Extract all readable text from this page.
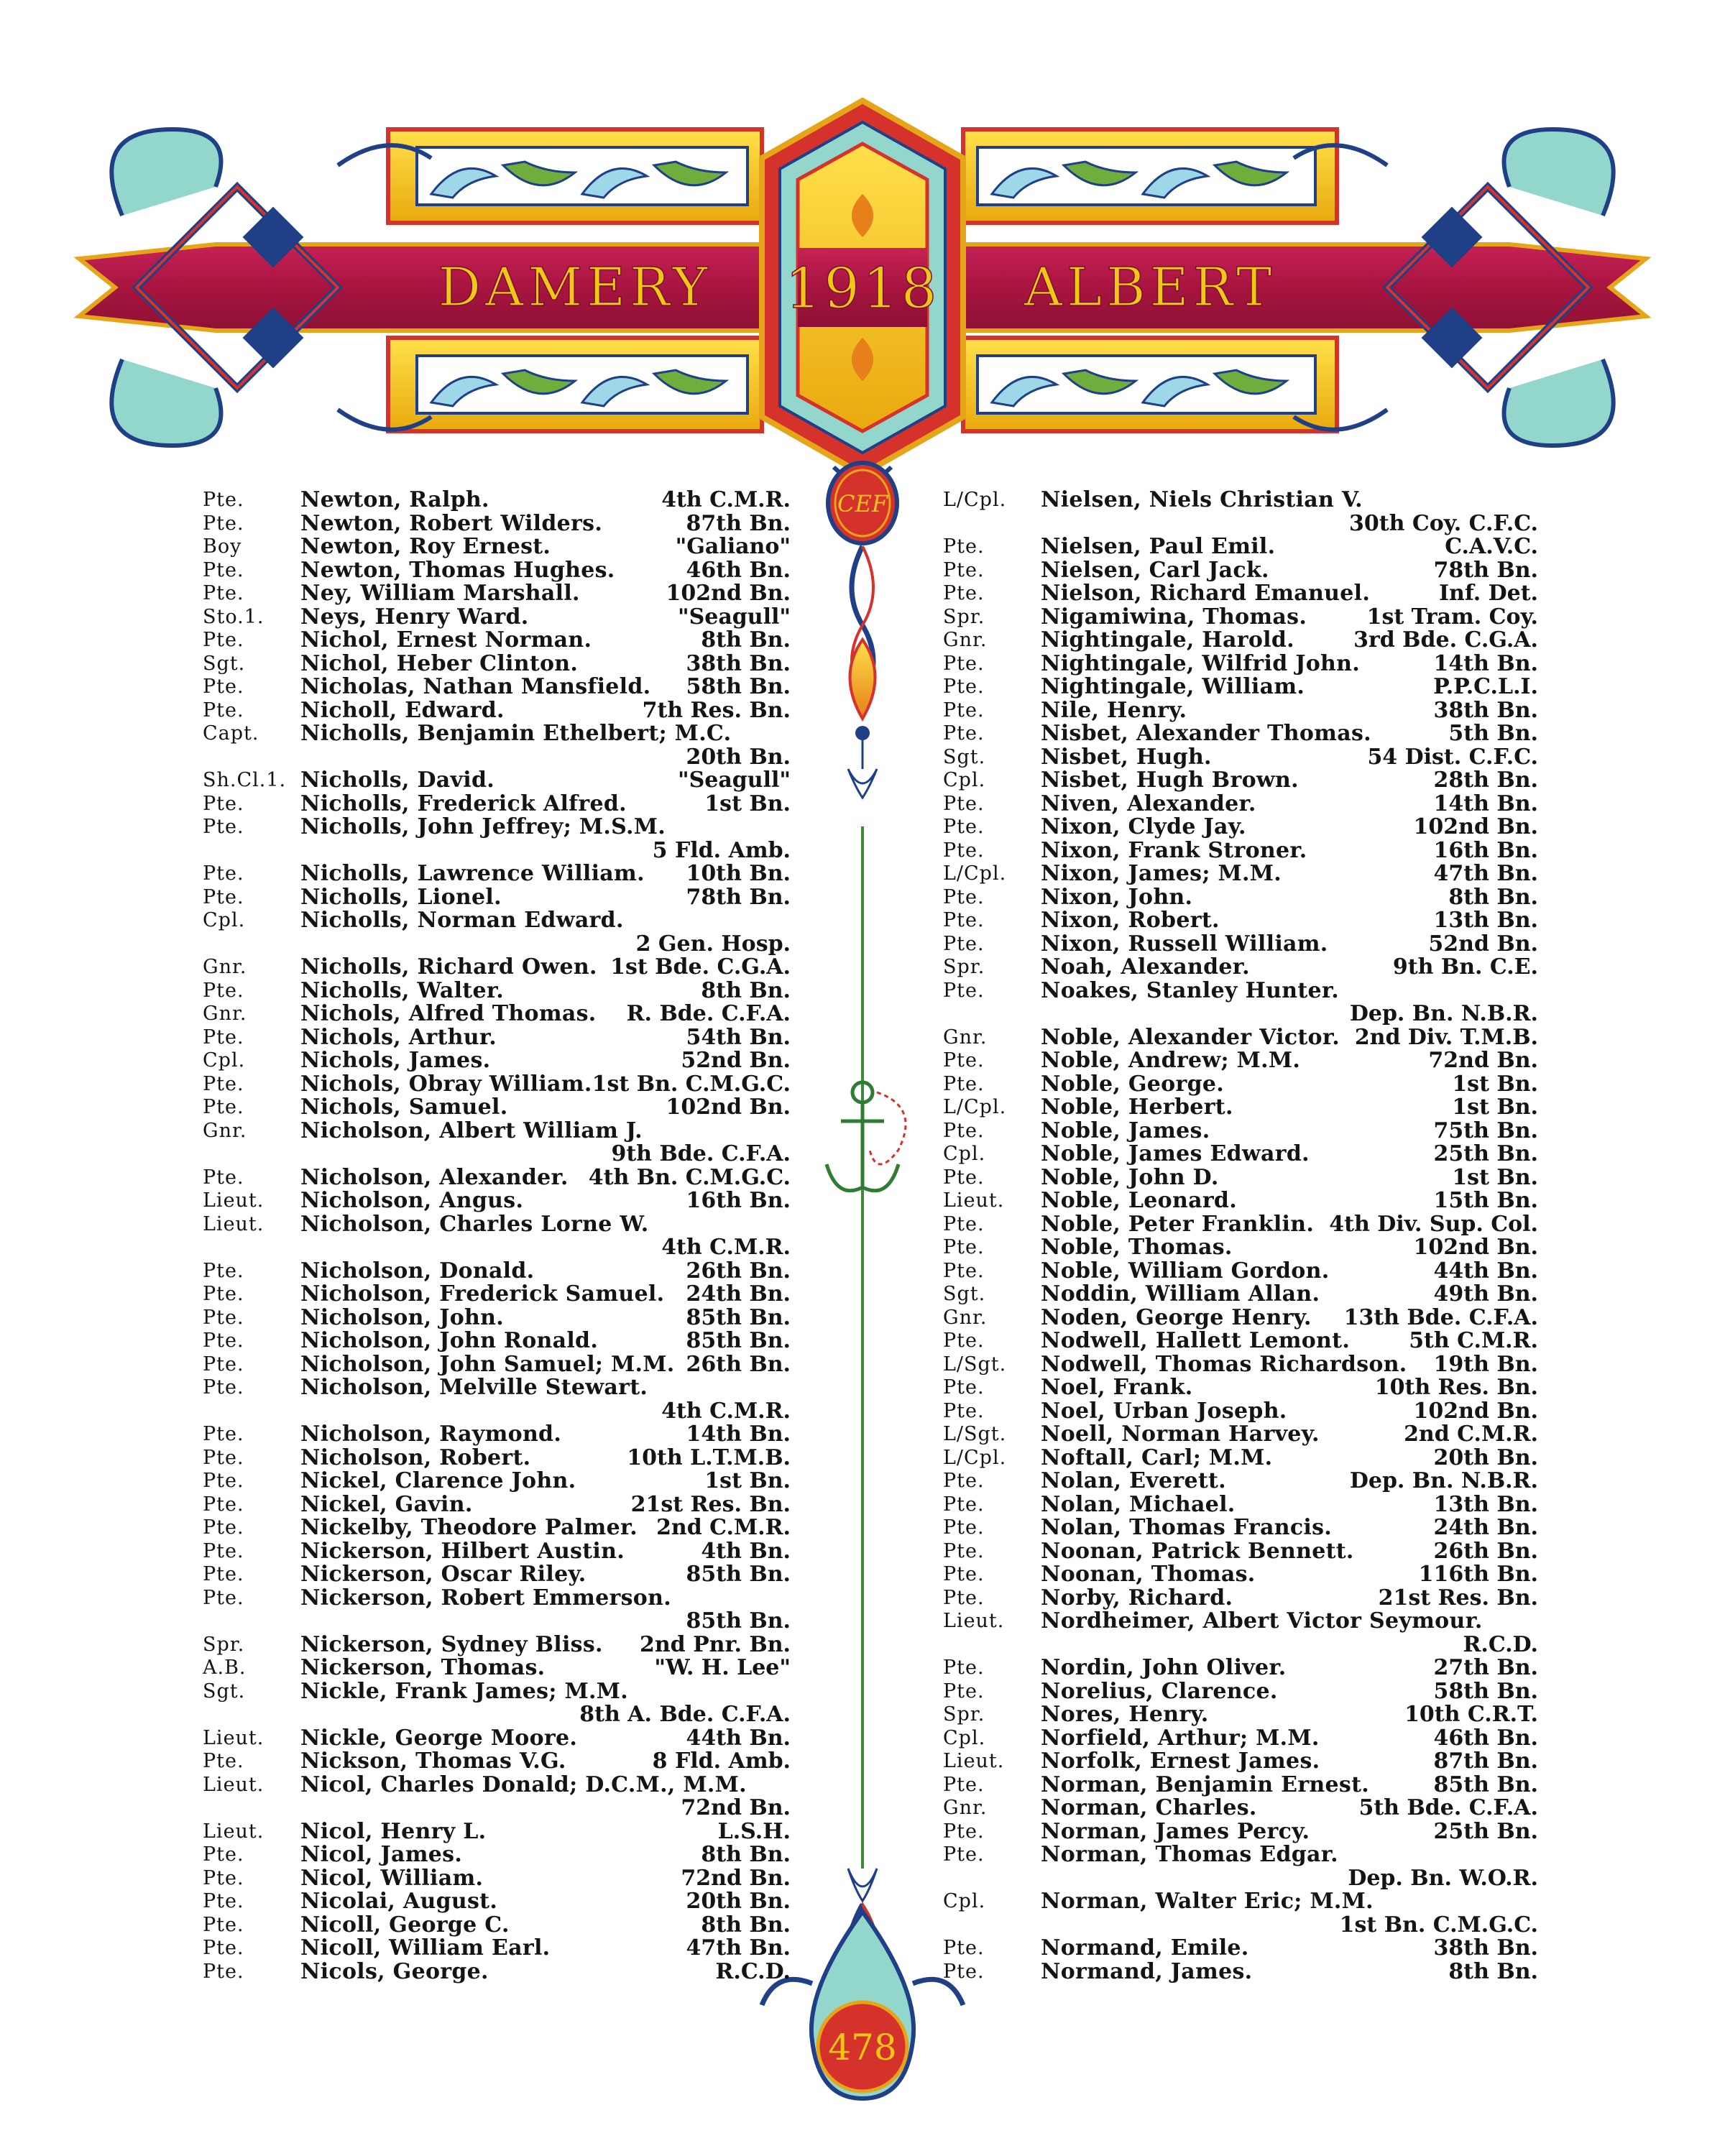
DAMERY 1918 ALBERT
CEF
478
Pte.	Newton, Ralph.	4th C.M.R.
Pte.	Newton, Robert Wilders.	87th Bn.
Boy	Newton, Roy Ernest.	"Galiano"
Pte.	Newton, Thomas Hughes.	46th Bn.
Pte.	Ney, William Marshall.	102nd Bn.
Sto.1. Neys, Henry Ward.	"Seagull"
Pte.	Nichol, Ernest Norman.	8th Bn.
Sgt.	Nichol, Heber Clinton.	38th Bn.
Pte.	Nicholas, Nathan Mansfield. 58th Bn.
Pte.	Nicholl, Edward.	7th Res. Bn.
Capt. Nicholls, Benjamin Ethelbert; M.C.
20th Bn.
Sh.Cl.1. Nicholls, David.	"Seagull"
Pte.	Nicholls, Frederick Alfred.	1st Bn.
Pte.	Nicholls, John Jeffrey; M.S.M.
5 Fld. Amb.
Pte.	Nicholls, Lawrence William. 10th Bn.
Pte.	Nicholls, Lionel.	78th Bn.
Cpl.	Nicholls, Norman Edward.
2 Gen. Hosp.
Gnr. Nicholls, Richard Owen. 1st Bde. C.G.A.
Pte.	Nicholls, Walter.	8th Bn.
Gnr. Nichols, Alfred Thomas. R. Bde. C.F.A.
Pte.	Nichols, Arthur.	54th Bn.
Cpl.	Nichols, James.	52nd Bn.
Pte.	Nichols, Obray William. 1st Bn. C.M.G.C.
Pte.	Nichols, Samuel.	102nd Bn.
Gnr. Nicholson, Albert William J.
9th Bde. C.F.A.
Pte.	Nicholson, Alexander. 4th Bn. C.M.G.C.
Lieut. Nicholson, Angus.	16th Bn.
Lieut. Nicholson, Charles Lorne W.
4th C.M.R.
Pte.	Nicholson, Donald.	26th Bn.
Pte.	Nicholson, Frederick Samuel. 24th Bn.
Pte.	Nicholson, John.	85th Bn.
Pte.	Nicholson, John Ronald.	85th Bn.
Pte.	Nicholson, John Samuel; M.M. 26th Bn.
Pte.	Nicholson, Melville Stewart.
4th C.M.R.
Pte.	Nicholson, Raymond.	14th Bn.
Pte.	Nicholson, Robert.	10th L.T.M.B.
Pte.	Nickel, Clarence John.	1st Bn.
Pte.	Nickel, Gavin.	21st Res. Bn.
Pte.	Nickelby, Theodore Palmer. 2nd C.M.R.
Pte.	Nickerson, Hilbert Austin.	4th Bn.
Pte.	Nickerson, Oscar Riley.	85th Bn.
Pte.	Nickerson, Robert Emmerson.
85th Bn.
Spr.	Nickerson, Sydney Bliss. 2nd Pnr. Bn.
A.B.	Nickerson, Thomas.	"W. H. Lee"
Sgt.	Nickle, Frank James; M.M.
8th A. Bde. C.F.A.
Lieut. Nickle, George Moore.	44th Bn.
Pte.	Nickson, Thomas V.G.	8 Fld. Amb.
Lieut. Nicol, Charles Donald; D.C.M., M.M.
72nd Bn.
Lieut. Nicol, Henry L.	L.S.H.
Pte.	Nicol, James.	8th Bn.
Pte.	Nicol, William.	72nd Bn.
Pte.	Nicolai, August.	20th Bn.
Pte.	Nicoll, George C.	8th Bn.
Pte.	Nicoll, William Earl.	47th Bn.
Pte.	Nicols, George.	R.C.D.
L/Cpl. Nielsen, Niels Christian V.
30th Coy. C.F.C.
Pte.	Nielsen, Paul Emil.	C.A.V.C.
Pte.	Nielsen, Carl Jack.	78th Bn.
Pte.	Nielson, Richard Emanuel.	Inf. Det.
Spr.	Nigamiwina, Thomas.	1st Tram. Coy.
Gnr. Nightingale, Harold.	3rd Bde. C.G.A.
Pte.	Nightingale, Wilfrid John.	14th Bn.
Pte.	Nightingale, William.	P.P.C.L.I.
Pte.	Nile, Henry.	38th Bn.
Pte.	Nisbet, Alexander Thomas.	5th Bn.
Sgt.	Nisbet, Hugh.	54 Dist. C.F.C.
Cpl.	Nisbet, Hugh Brown.	28th Bn.
Pte.	Niven, Alexander.	14th Bn.
Pte.	Nixon, Clyde Jay.	102nd Bn.
Pte.	Nixon, Frank Stroner.	16th Bn.
L/Cpl. Nixon, James; M.M.	47th Bn.
Pte.	Nixon, John.	8th Bn.
Pte.	Nixon, Robert.	13th Bn.
Pte.	Nixon, Russell William.	52nd Bn.
Spr.	Noah, Alexander.	9th Bn. C.E.
Pte.	Noakes, Stanley Hunter.
Dep. Bn. N.B.R.
Gnr. Noble, Alexander Victor. 2nd Div. T.M.B.
Pte.	Noble, Andrew; M.M.	72nd Bn.
Pte.	Noble, George.	1st Bn.
L/Cpl. Noble, Herbert.	1st Bn.
Pte.	Noble, James.	75th Bn.
Cpl.	Noble, James Edward.	25th Bn.
Pte.	Noble, John D.	1st Bn.
Lieut. Noble, Leonard.	15th Bn.
Pte.	Noble, Peter Franklin. 4th Div. Sup. Col.
Pte.	Noble, Thomas.	102nd Bn.
Pte.	Noble, William Gordon.	44th Bn.
Sgt.	Noddin, William Allan.	49th Bn.
Gnr. Noden, George Henry. 13th Bde. C.F.A.
Pte.	Nodwell, Hallett Lemont.	5th C.M.R.
L/Sgt. Nodwell, Thomas Richardson. 19th Bn.
Pte.	Noel, Frank.	10th Res. Bn.
Pte.	Noel, Urban Joseph.	102nd Bn.
L/Sgt. Noell, Norman Harvey.	2nd C.M.R.
L/Cpl. Noftall, Carl; M.M.	20th Bn.
Pte.	Nolan, Everett.	Dep. Bn. N.B.R.
Pte.	Nolan, Michael.	13th Bn.
Pte.	Nolan, Thomas Francis.	24th Bn.
Pte.	Noonan, Patrick Bennett.	26th Bn.
Pte.	Noonan, Thomas.	116th Bn.
Pte.	Norby, Richard.	21st Res. Bn.
Lieut. Nordheimer, Albert Victor Seymour.
R.C.D.
Pte.	Nordin, John Oliver.	27th Bn.
Pte.	Norelius, Clarence.	58th Bn.
Spr.	Nores, Henry.	10th C.R.T.
Cpl.	Norfield, Arthur; M.M.	46th Bn.
Lieut. Norfolk, Ernest James.	87th Bn.
Pte.	Norman, Benjamin Ernest.	85th Bn.
Gnr. Norman, Charles.	5th Bde. C.F.A.
Pte.	Norman, James Percy.	25th Bn.
Pte.	Norman, Thomas Edgar.
Dep. Bn. W.O.R.
Cpl.	Norman, Walter Eric; M.M.
1st Bn. C.M.G.C.
Pte.	Normand, Emile.	38th Bn.
Pte.	Normand, James.	8th Bn.
